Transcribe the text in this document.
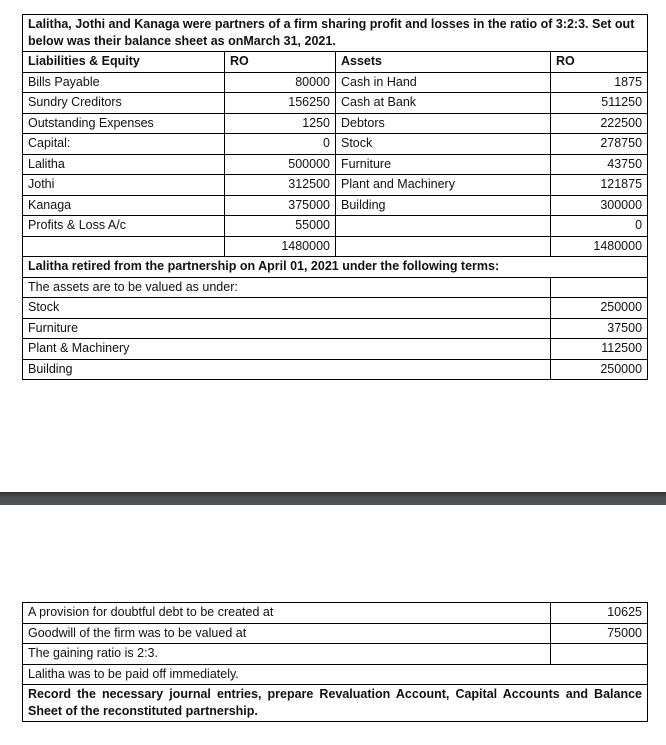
Lalitha, Jothi and Kanaga were partners of a firm sharing profit and losses in the ratio of 3:2:3. Set out below was their balance sheet as onMarch 31, 2021.			
Liabilities & Equity	RO	Assets	RO
Bills Payable	80000	Cash in Hand	1875
Sundry Creditors	156250	Cash at Bank	511250
Outstanding Expenses	1250	Debtors	222500
Capital:	0	Stock	278750
Lalitha	500000	Furniture	43750
Jothi	312500	Plant and Machinery	121875
Kanaga	375000	Building	300000
Profits & Loss A/c	55000		0
	1480000		1480000
Lalitha retired from the partnership on April 01, 2021 under the following terms:			
The assets are to be valued as under:			
Stock			250000
Furniture			37500
Plant & Machinery			112500
Building			250000
A provision for doubtful debt to be created at	10625
Goodwill of the firm was to be valued at	75000
The gaining ratio is 2:3.	
Lalitha was to be paid off immediately.	
Record the necessary journal entries, prepare Revaluation Account, Capital Accounts and Balance Sheet of the reconstituted partnership.	
